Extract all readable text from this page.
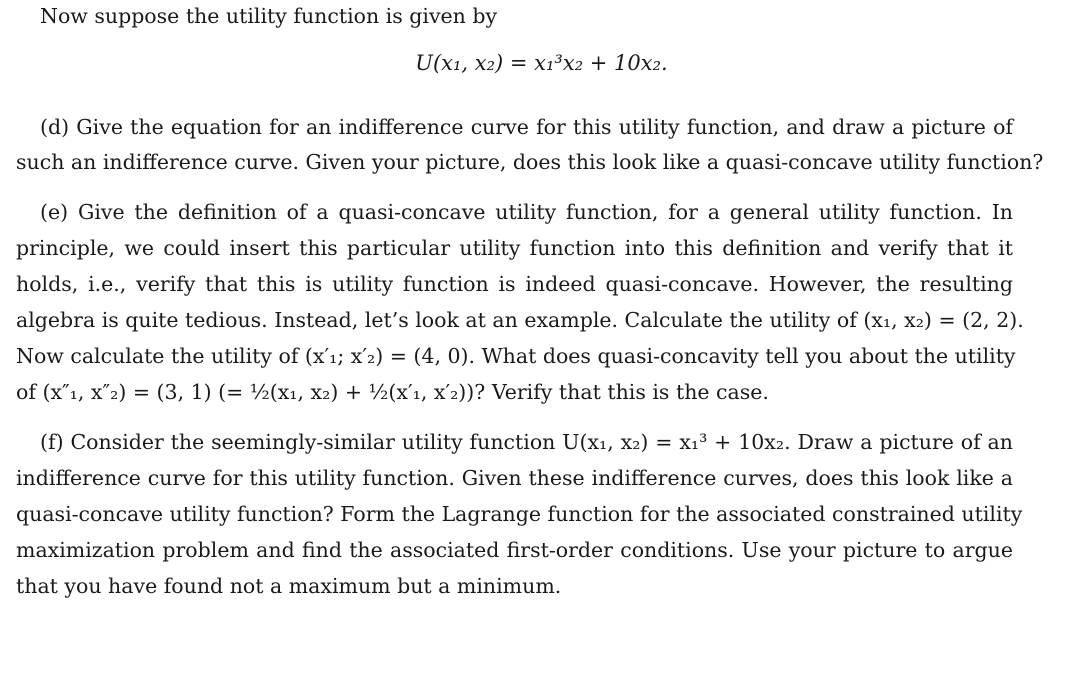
Now suppose the utility function is given by
U(x₁, x₂) = x₁³x₂ + 10x₂.
(d) Give the equation for an indifference curve for this utility function, and draw a picture of
such an indifference curve. Given your picture, does this look like a quasi-concave utility function?
(e) Give the definition of a quasi-concave utility function, for a general utility function. In
principle, we could insert this particular utility function into this definition and verify that it
holds, i.e., verify that this is utility function is indeed quasi-concave. However, the resulting
algebra is quite tedious. Instead, let’s look at an example. Calculate the utility of (x₁, x₂) = (2, 2).
Now calculate the utility of (x′₁; x′₂) = (4, 0). What does quasi-concavity tell you about the utility
of (x″₁, x″₂) = (3, 1) (= ½(x₁, x₂) + ½(x′₁, x′₂))? Verify that this is the case.
(f) Consider the seemingly-similar utility function U(x₁, x₂) = x₁³ + 10x₂. Draw a picture of an
indifference curve for this utility function. Given these indifference curves, does this look like a
quasi-concave utility function? Form the Lagrange function for the associated constrained utility
maximization problem and find the associated first-order conditions. Use your picture to argue
that you have found not a maximum but a minimum.
